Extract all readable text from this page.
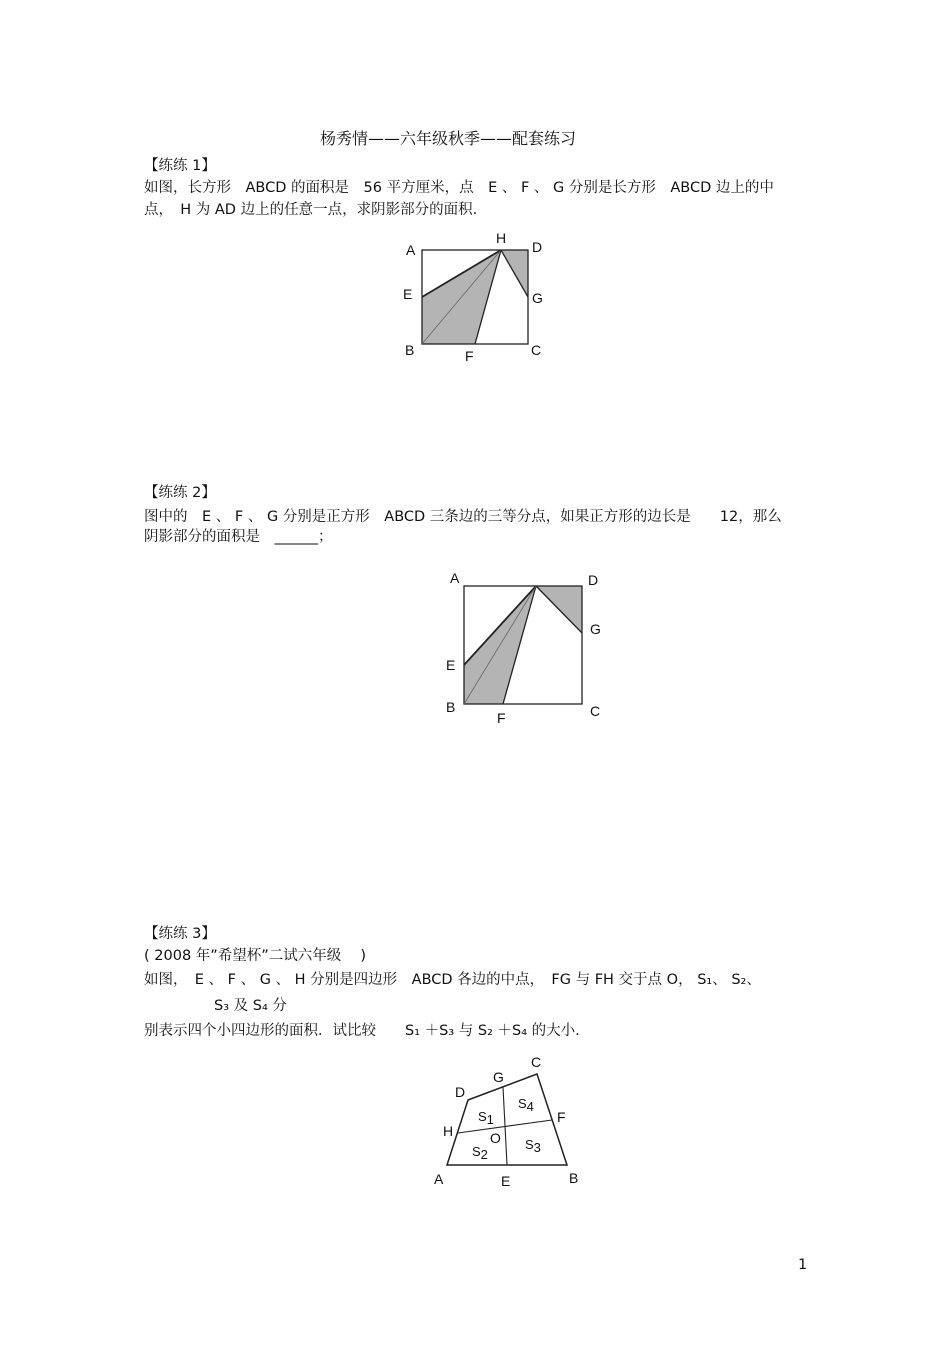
杨秀情——六年级秋季——配套练习
【练练 1】
如图，长方形　ABCD 的面积是　56 平方厘米，点　E 、 F 、 G 分别是长方形　ABCD 边上的中
点，　H 为 AD 边上的任意一点，求阴影部分的面积.
A
H
D
E	G
B	F	C
【练练 2】
图中的　E 、 F 、 G 分别是正方形　ABCD 三条边的三等分点，如果正方形的边长是　　12，那么
阴影部分的面积是　______；
A	D
G
E
B
F	C
【练练 3】
( 2008 年”希望杯”二试六年级　 )
如图，　E 、 F 、 G 、 H 分别是四边形　ABCD 各边的中点，　FG 与 FH 交于点 O， S₁、 S₂、
S₃ 及 S₄ 分
别表示四个小四边形的面积．试比较　　S₁ ＋S₃ 与 S₂ ＋S₄ 的大小.
C
G
D
F
H	O
A	E	B
S1
S4
S2
S3
1
